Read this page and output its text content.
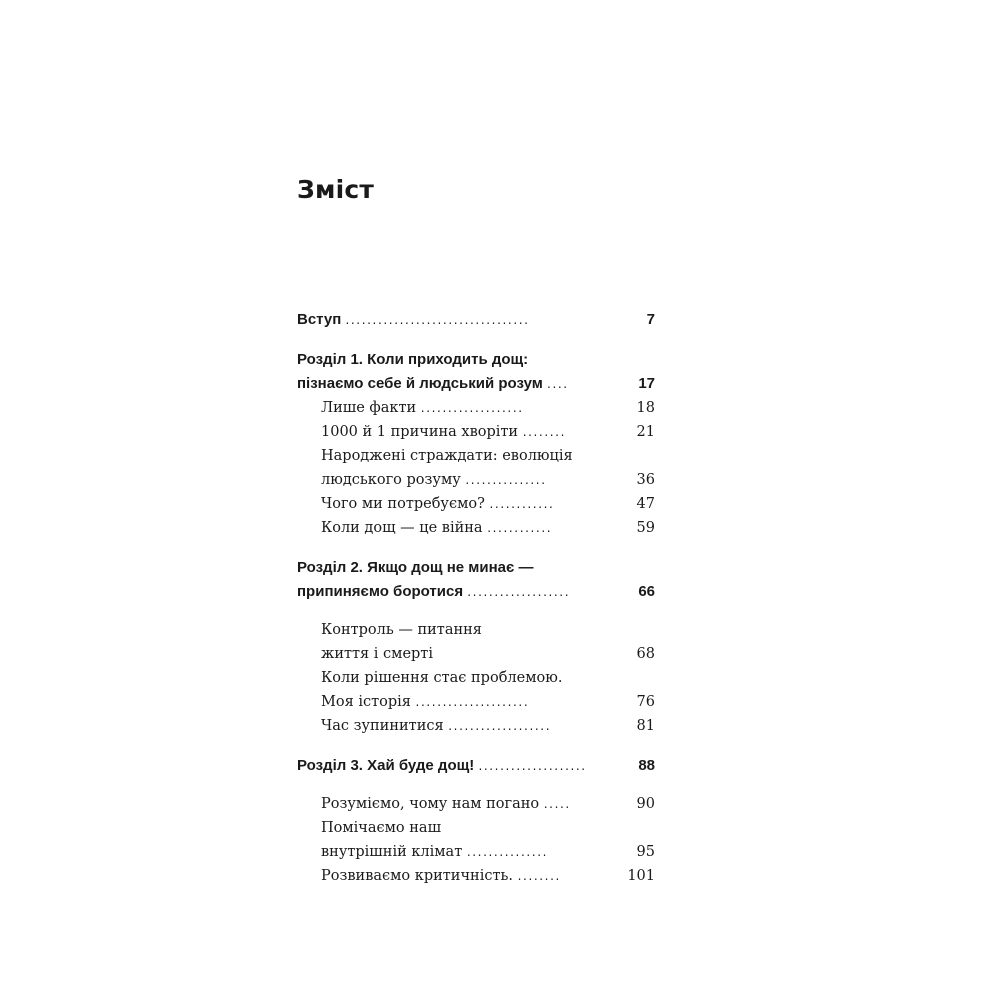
Зміст
Вступ ..................................	7
Розділ 1. Коли приходить дощ:
пізнаємо себе й людський розум ....	17
Лише факти ...................	18
1000 й 1 причина хворіти ........	21
Народжені страждати: еволюція
людського розуму ...............	36
Чого ми потребуємо? ............	47
Коли дощ — це війна ............	59
Розділ 2. Якщо дощ не минає —
припиняємо боротися ...................	66
Контроль — питання
життя і смерті	68
Коли рішення стає проблемою.
Моя історія .....................	76
Час зупинитися ...................	81
Розділ 3. Хай буде дощ! ....................	88
Розуміємо, чому нам погано .....	90
Помічаємо наш
внутрішній клімат ...............	95
Розвиваємо критичність. ........	101
